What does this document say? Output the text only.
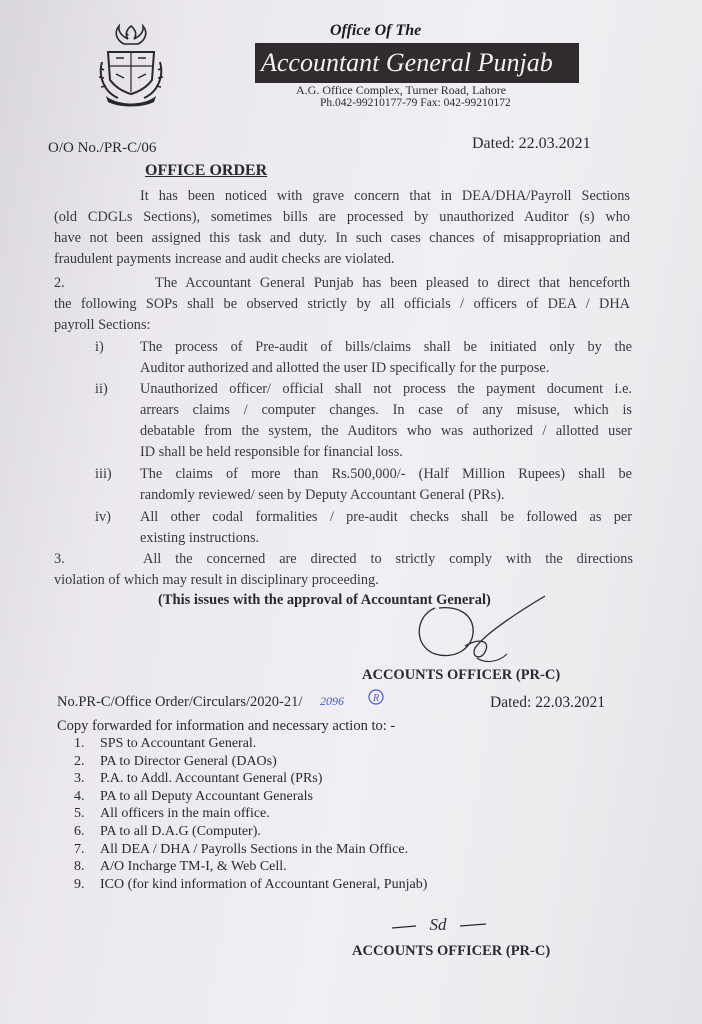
Office Of The
Accountant General Punjab
A.G. Office Complex, Turner Road, Lahore
Ph.042-99210177-79 Fax: 042-99210172
O/O No./PR-C/06	Dated: 22.03.2021
OFFICE ORDER
It has been noticed with grave concern that in DEA/DHA/Payroll Sections
(old CDGLs Sections), sometimes bills are processed by unauthorized Auditor (s) who
have not been assigned this task and duty. In such cases chances of misappropriation and
fraudulent payments increase and audit checks are violated.
2.	The Accountant General Punjab has been pleased to direct that henceforth
the following SOPs shall be observed strictly by all officials / officers of DEA / DHA
payroll Sections:
i)	The process of Pre-audit of bills/claims shall be initiated only by the
Auditor authorized and allotted the user ID specifically for the purpose.
ii) Unauthorized officer/ official shall not process the payment document i.e.
arrears claims / computer changes. In case of any misuse, which is
debatable from the system, the Auditors who was authorized / allotted user
ID shall be held responsible for financial loss.
iii) The claims of more than Rs.500,000/- (Half Million Rupees) shall be
randomly reviewed/ seen by Deputy Accountant General (PRs).
iv) All other codal formalities / pre-audit checks shall be followed as per
existing instructions.
3.	All the concerned are directed to strictly comply with the directions
violation of which may result in disciplinary proceeding.
(This issues with the approval of Accountant General)
ACCOUNTS OFFICER (PR-C)
No.PR-C/Office Order/Circulars/2020-21/ 2096	R	Dated: 22.03.2021
Copy forwarded for information and necessary action to: -
1. SPS to Accountant General.
2. PA to Director General (DAOs)
3. P.A. to Addl. Accountant General (PRs)
4. PA to all Deputy Accountant Generals
5. All officers in the main office.
6. PA to all D.A.G (Computer).
7. All DEA / DHA / Payrolls Sections in the Main Office.
8. A/O Incharge TM-I, & Web Cell.
9. ICO (for kind information of Accountant General, Punjab)
Sd
ACCOUNTS OFFICER (PR-C)
